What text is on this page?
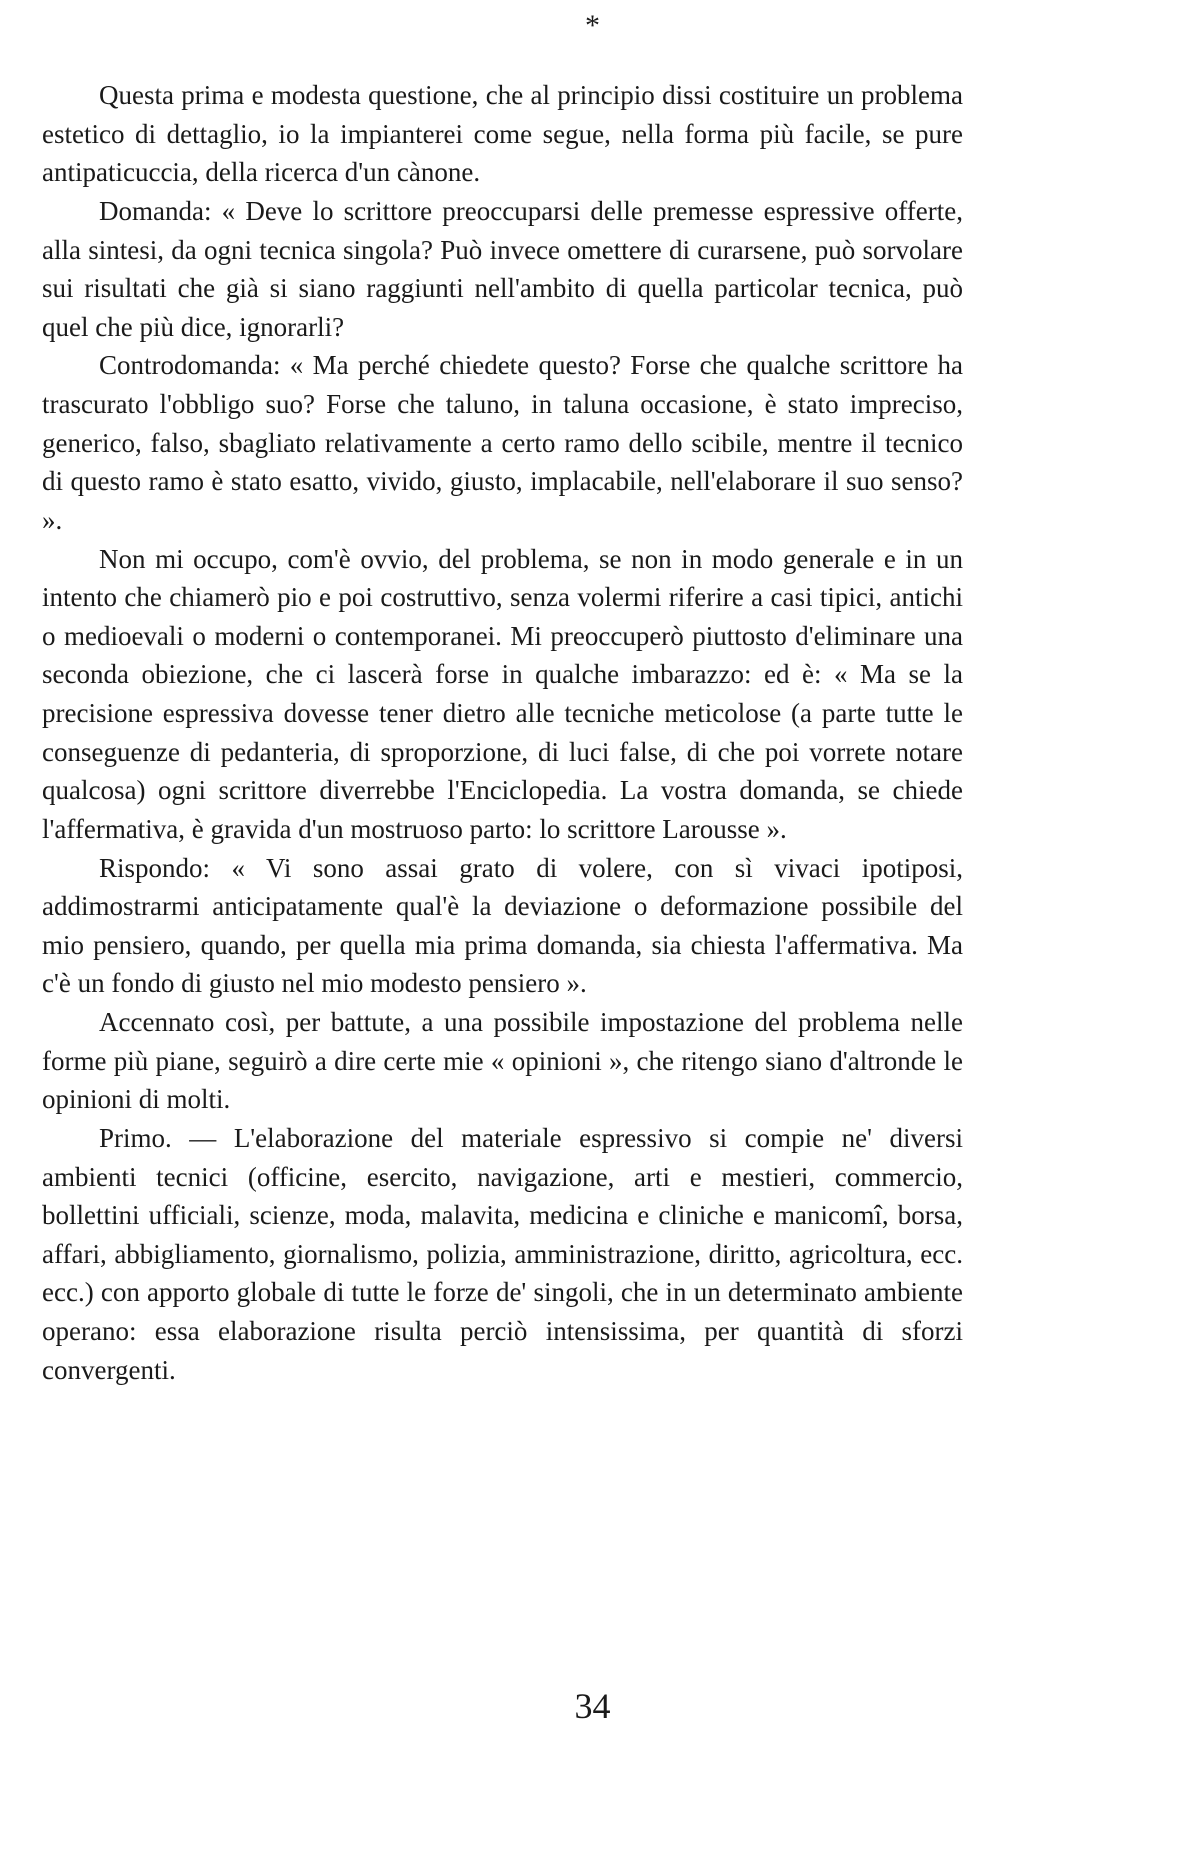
*

Questa prima e modesta questione, che al principio dissi costituire un problema estetico di dettaglio, io la impianterei come segue, nella forma più facile, se pure antipaticuccia, della ricerca d'un cànone.

Domanda: « Deve lo scrittore preoccuparsi delle premesse espressive offerte, alla sintesi, da ogni tecnica singola? Può invece omettere di curarsene, può sorvolare sui risultati che già si siano raggiunti nell'ambito di quella particolar tecnica, può quel che più dice, ignorarli?

Controdomanda: « Ma perché chiedete questo? Forse che qualche scrittore ha trascurato l'obbligo suo? Forse che taluno, in taluna occasione, è stato impreciso, generico, falso, sbagliato relativamente a certo ramo dello scibile, mentre il tecnico di questo ramo è stato esatto, vivido, giusto, implacabile, nell'elaborare il suo senso? ».

Non mi occupo, com'è ovvio, del problema, se non in modo generale e in un intento che chiamerò pio e poi costruttivo, senza volermi riferire a casi tipici, antichi o medioevali o moderni o contemporanei. Mi preoccuperò piuttosto d'eliminare una seconda obiezione, che ci lascerà forse in qualche imbarazzo: ed è: « Ma se la precisione espressiva dovesse tener dietro alle tecniche meticolose (a parte tutte le conseguenze di pedanteria, di sproporzione, di luci false, di che poi vorrete notare qualcosa) ogni scrittore diverrebbe l'Enciclopedia. La vostra domanda, se chiede l'affermativa, è gravida d'un mostruoso parto: lo scrittore Larousse ».

Rispondo: « Vi sono assai grato di volere, con sì vivaci ipotiposi, addimostrarmi anticipatamente qual'è la deviazione o deformazione possibile del mio pensiero, quando, per quella mia prima domanda, sia chiesta l'affermativa. Ma c'è un fondo di giusto nel mio modesto pensiero ».

Accennato così, per battute, a una possibile impostazione del problema nelle forme più piane, seguirò a dire certe mie « opinioni », che ritengo siano d'altronde le opinioni di molti.

Primo. — L'elaborazione del materiale espressivo si compie ne' diversi ambienti tecnici (officine, esercito, navigazione, arti e mestieri, commercio, bollettini ufficiali, scienze, moda, malavita, medicina e cliniche e manicomî, borsa, affari, abbigliamento, giornalismo, polizia, amministrazione, diritto, agricoltura, ecc. ecc.) con apporto globale di tutte le forze de' singoli, che in un determinato ambiente operano: essa elaborazione risulta perciò intensissima, per quantità di sforzi convergenti.

34
